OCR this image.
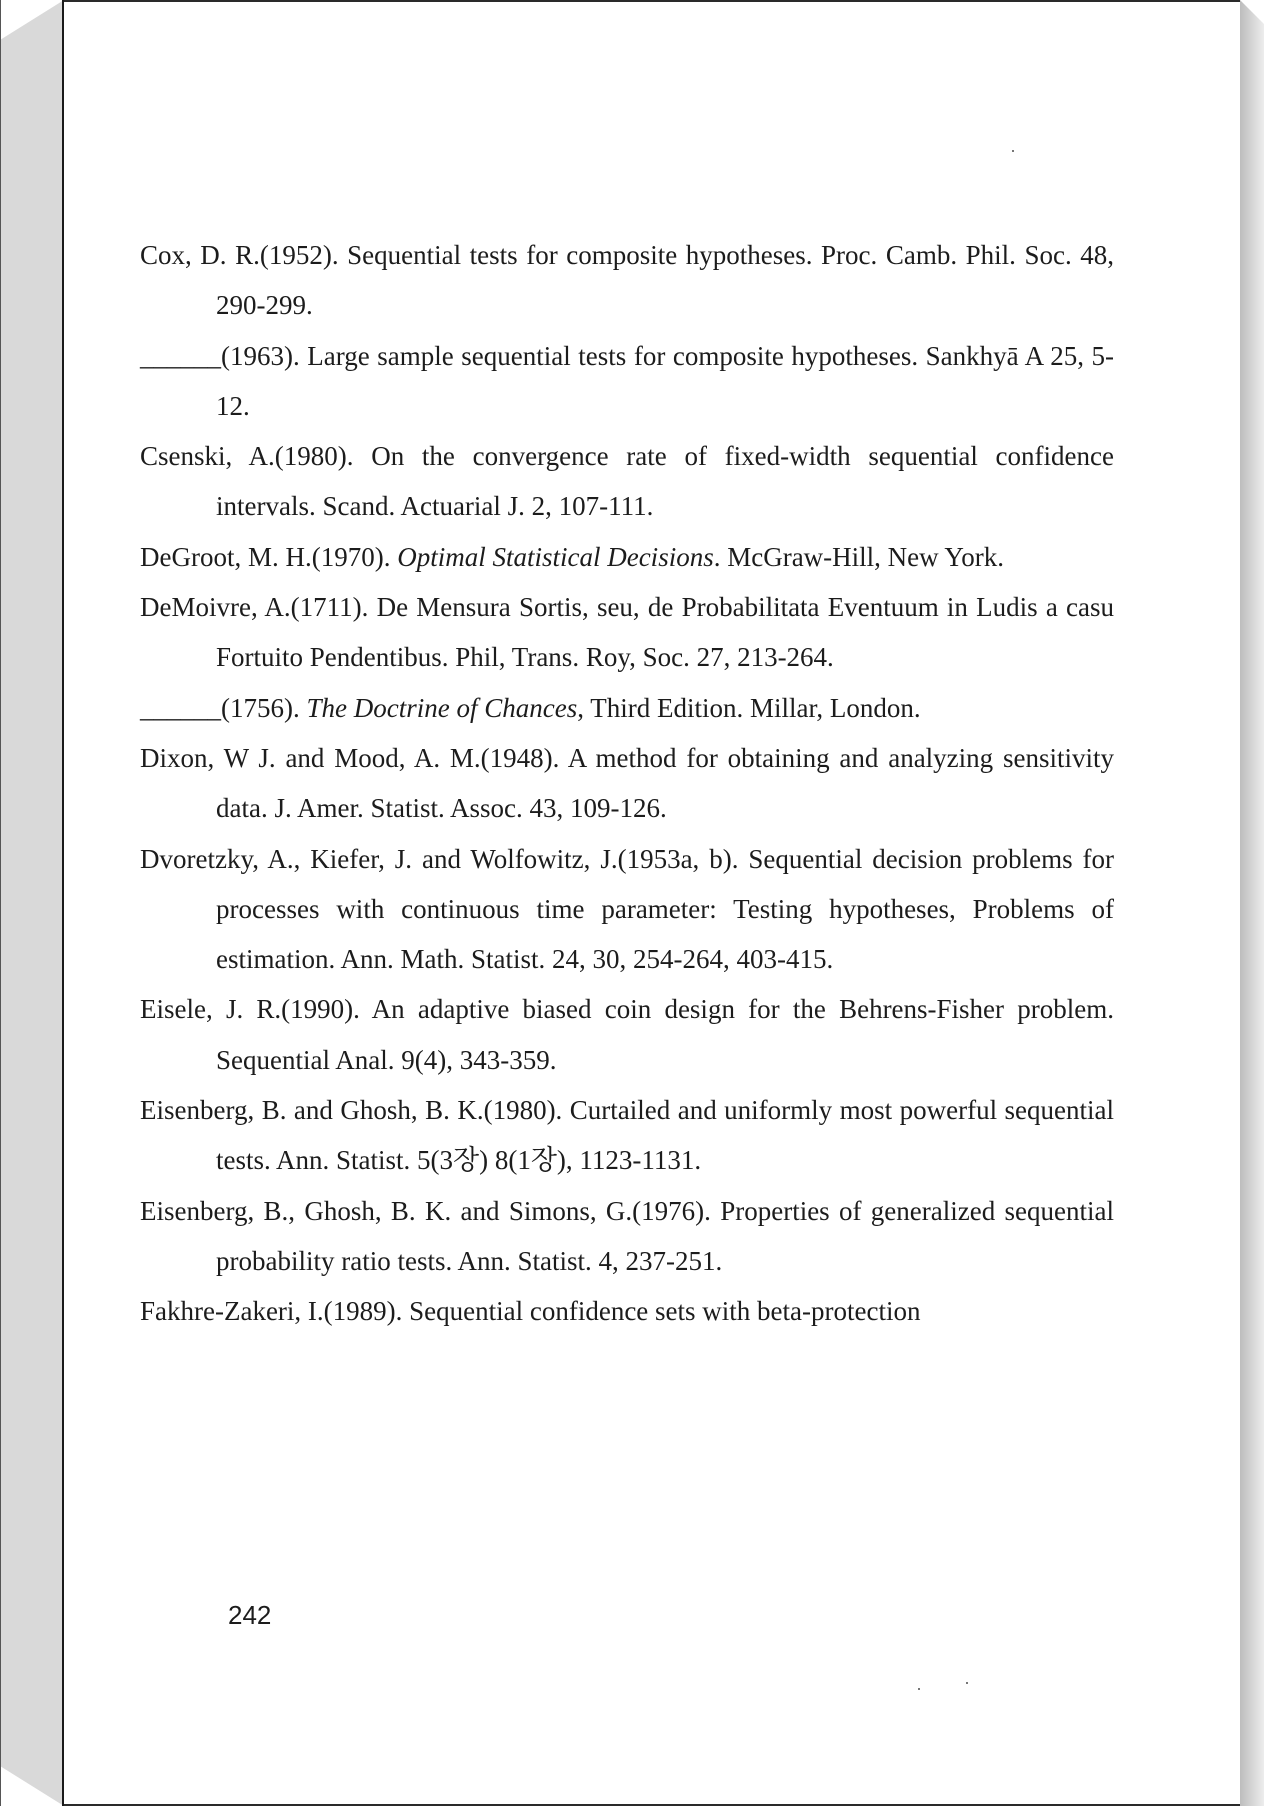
Cox, D. R.(1952). Sequential tests for composite hypotheses. Proc. Camb. Phil. Soc. 48, 290-299.

______(1963). Large sample sequential tests for composite hypotheses. Sankhyā A 25, 5-12.

Csenski, A.(1980). On the convergence rate of fixed-width sequential confidence intervals. Scand. Actuarial J. 2, 107-111.

DeGroot, M. H.(1970). Optimal Statistical Decisions. McGraw-Hill, New York.

DeMoivre, A.(1711). De Mensura Sortis, seu, de Probabilitata Eventuum in Ludis a casu Fortuito Pendentibus. Phil, Trans. Roy, Soc. 27, 213-264.

______(1756). The Doctrine of Chances, Third Edition. Millar, London.

Dixon, W J. and Mood, A. M.(1948). A method for obtaining and analyzing sensitivity data. J. Amer. Statist. Assoc. 43, 109-126.

Dvoretzky, A., Kiefer, J. and Wolfowitz, J.(1953a, b). Sequential decision problems for processes with continuous time parameter: Testing hypotheses, Problems of estimation. Ann. Math. Statist. 24, 30, 254-264, 403-415.

Eisele, J. R.(1990). An adaptive biased coin design for the Behrens-Fisher problem. Sequential Anal. 9(4), 343-359.

Eisenberg, B. and Ghosh, B. K.(1980). Curtailed and uniformly most powerful sequential tests. Ann. Statist. 5(3장) 8(1장), 1123-1131.

Eisenberg, B., Ghosh, B. K. and Simons, G.(1976). Properties of generalized sequential probability ratio tests. Ann. Statist. 4, 237-251.

Fakhre-Zakeri, I.(1989). Sequential confidence sets with beta-protection

242
